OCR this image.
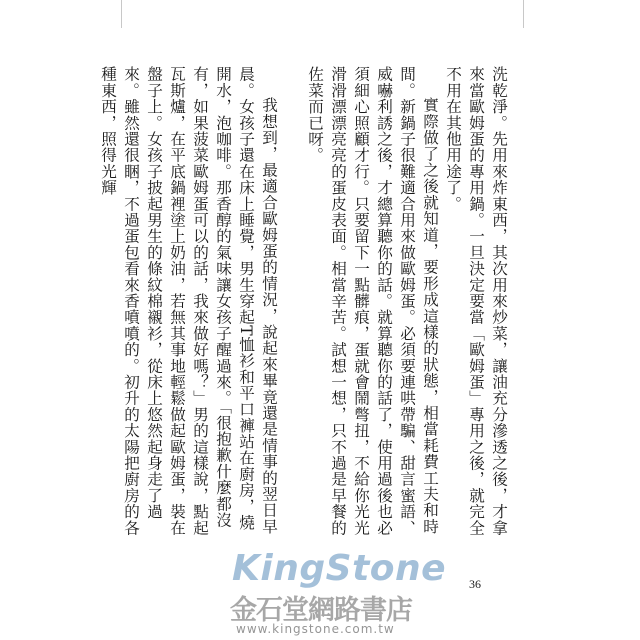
洗乾淨。先用來炸東西，其次用來炒菜，讓油充分滲透之後，才拿來當歐姆蛋的專用鍋。一旦決定要當「歐姆蛋」專用之後，就完全不用在其他用途了。

實際做了之後就知道，要形成這樣的狀態，相當耗費工夫和時間。新鍋子很難適合用來做歐姆蛋。必須要連哄帶騙、甜言蜜語、威嚇利誘之後，才總算聽你的話。就算聽你的話了，使用過後也必須細心照顧才行。只要留下一點髒痕，蛋就會鬧彆扭，不給你光光滑滑漂漂亮亮的蛋皮表面。相當辛苦。試想一想，只不過是早餐的佐菜而已呀。

我想到，最適合歐姆蛋的情況，說起來畢竟還是情事的翌日早晨。女孩子還在床上睡覺，男生穿起T恤衫和平口褲站在廚房，燒開水，泡咖啡。那香醇的氣味讓女孩子醒過來。「很抱歉什麼都沒有，如果菠菜歐姆蛋可以的話，我來做好嗎？」男的這樣說，點起瓦斯爐，在平底鍋裡塗上奶油，若無其事地輕鬆做起歐姆蛋，裝在盤子上。女孩子披起男生的條紋棉襯衫，從床上悠然起身走了過來。雖然還很睏，不過蛋包看來香噴噴的。初升的太陽把廚房的各種東西，照得光輝

36
KingStone
金石堂網路書店
www.kingstone.com.tw
